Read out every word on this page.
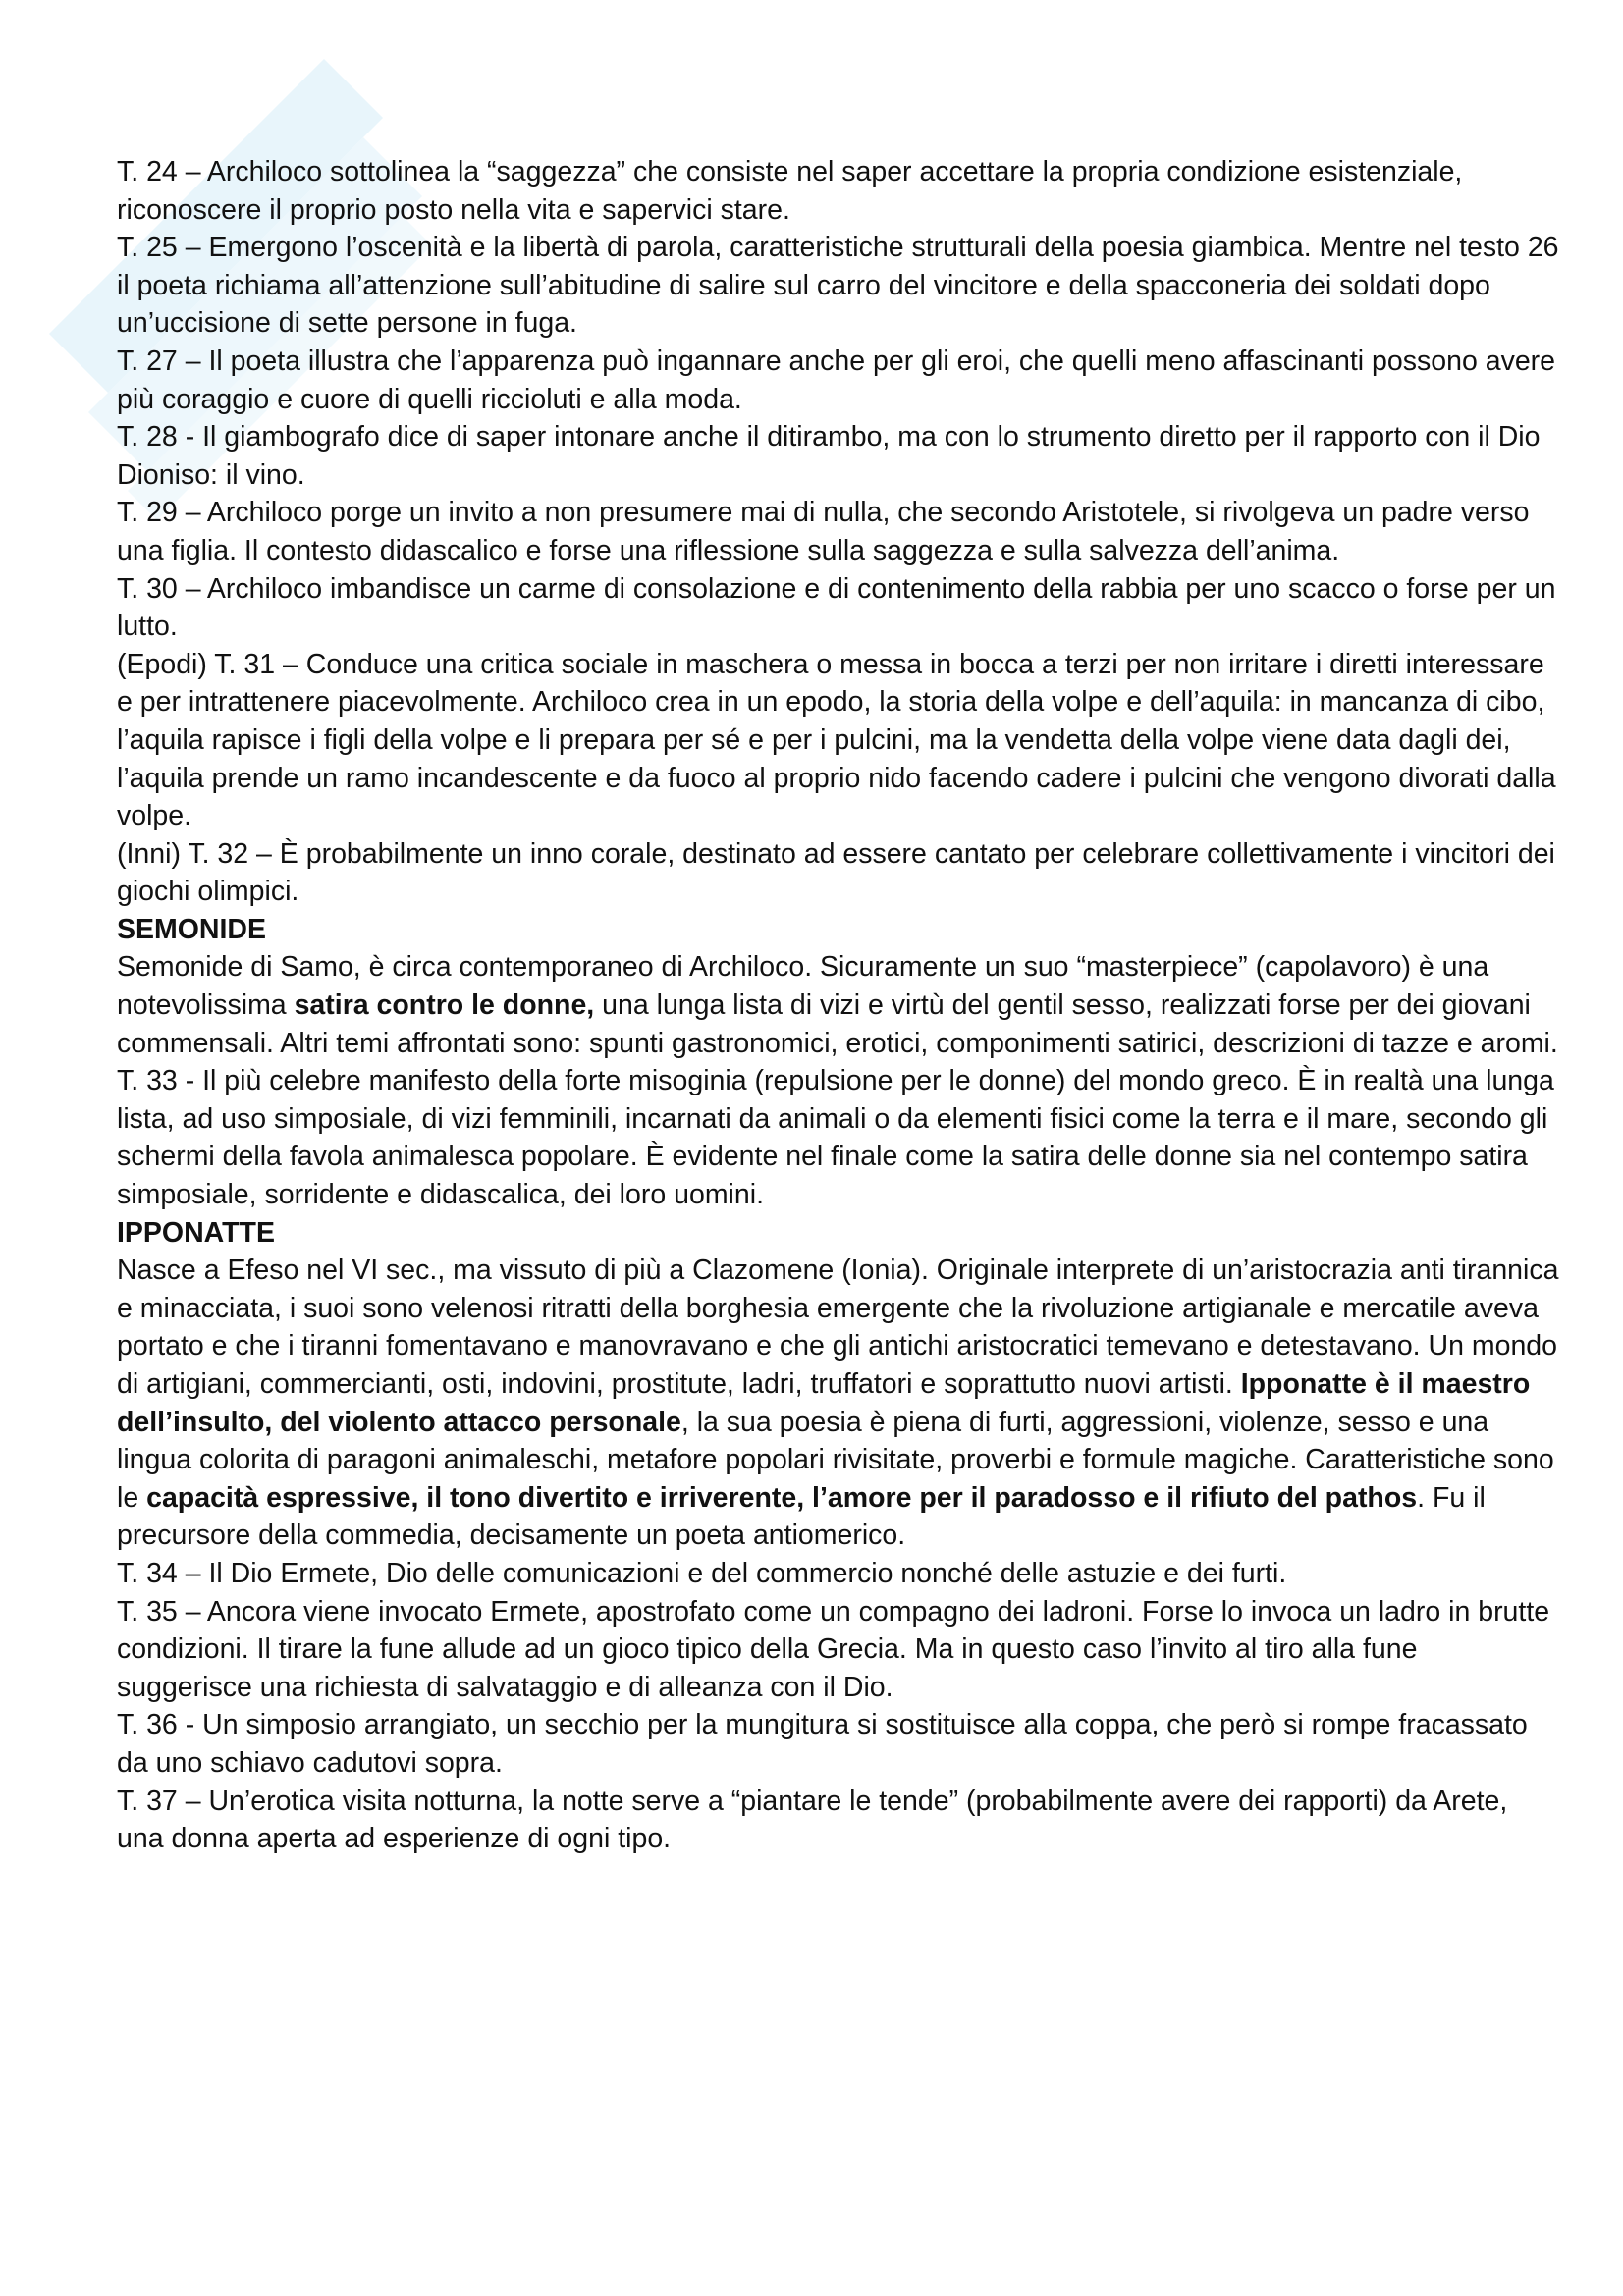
T. 24 – Archiloco sottolinea la “saggezza” che consiste nel saper accettare la propria condizione esistenziale, riconoscere il proprio posto nella vita e sapervici stare.

T. 25 – Emergono l’oscenità e la libertà di parola, caratteristiche strutturali della poesia giambica. Mentre nel testo 26 il poeta richiama all’attenzione sull’abitudine di salire sul carro del vincitore e della spacconeria dei soldati dopo un’uccisione di sette persone in fuga.

T. 27 – Il poeta illustra che l’apparenza può ingannare anche per gli eroi, che quelli meno affascinanti possono avere più coraggio e cuore di quelli riccioluti e alla moda.

T. 28 - Il giambografo dice di saper intonare anche il ditirambo, ma con lo strumento diretto per il rapporto con il Dio Dioniso: il vino.

T. 29 – Archiloco porge un invito a non presumere mai di nulla, che secondo Aristotele, si rivolgeva un padre verso una figlia. Il contesto didascalico e forse una riflessione sulla saggezza e sulla salvezza dell’anima.

T. 30 – Archiloco imbandisce un carme di consolazione e di contenimento della rabbia per uno scacco o forse per un lutto.

(Epodi) T. 31 – Conduce una critica sociale in maschera o messa in bocca a terzi per non irritare i diretti interessare e per intrattenere piacevolmente. Archiloco crea in un epodo, la storia della volpe e dell’aquila: in mancanza di cibo, l’aquila rapisce i figli della volpe e li prepara per sé e per i pulcini, ma la vendetta della volpe viene data dagli dei, l’aquila prende un ramo incandescente e da fuoco al proprio nido facendo cadere i pulcini che vengono divorati dalla volpe.

(Inni) T. 32 – È probabilmente un inno corale, destinato ad essere cantato per celebrare collettivamente i vincitori dei giochi olimpici.

SEMONIDE

Semonide di Samo, è circa contemporaneo di Archiloco. Sicuramente un suo “masterpiece” (capolavoro) è una notevolissima satira contro le donne, una lunga lista di vizi e virtù del gentil sesso, realizzati forse per dei giovani commensali. Altri temi affrontati sono: spunti gastronomici, erotici, componimenti satirici, descrizioni di tazze e aromi.

T. 33 - Il più celebre manifesto della forte misoginia (repulsione per le donne) del mondo greco. È in realtà una lunga lista, ad uso simposiale, di vizi femminili, incarnati da animali o da elementi fisici come la terra e il mare, secondo gli schermi della favola animalesca popolare. È evidente nel finale come la satira delle donne sia nel contempo satira simposiale, sorridente e didascalica, dei loro uomini.

IPPONATTE

Nasce a Efeso nel VI sec., ma vissuto di più a Clazomene (Ionia). Originale interprete di un’aristocrazia anti tirannica e minacciata, i suoi sono velenosi ritratti della borghesia emergente che la rivoluzione artigianale e mercatile aveva portato e che i tiranni fomentavano e manovravano e che gli antichi aristocratici temevano e detestavano. Un mondo di artigiani, commercianti, osti, indovini, prostitute, ladri, truffatori e soprattutto nuovi artisti. Ipponatte è il maestro dell’insulto, del violento attacco personale, la sua poesia è piena di furti, aggressioni, violenze, sesso e una lingua colorita di paragoni animaleschi, metafore popolari rivisitate, proverbi e formule magiche. Caratteristiche sono le capacità espressive, il tono divertito e irriverente, l’amore per il paradosso e il rifiuto del pathos. Fu il precursore della commedia, decisamente un poeta antiomerico.

T. 34 – Il Dio Ermete, Dio delle comunicazioni e del commercio nonché delle astuzie e dei furti.

T. 35 – Ancora viene invocato Ermete, apostrofato come un compagno dei ladroni. Forse lo invoca un ladro in brutte condizioni. Il tirare la fune allude ad un gioco tipico della Grecia. Ma in questo caso l’invito al tiro alla fune suggerisce una richiesta di salvataggio e di alleanza con il Dio.

T. 36 - Un simposio arrangiato, un secchio per la mungitura si sostituisce alla coppa, che però si rompe fracassato da uno schiavo cadutovi sopra.

T. 37 – Un’erotica visita notturna, la notte serve a “piantare le tende” (probabilmente avere dei rapporti) da Arete, una donna aperta ad esperienze di ogni tipo.
